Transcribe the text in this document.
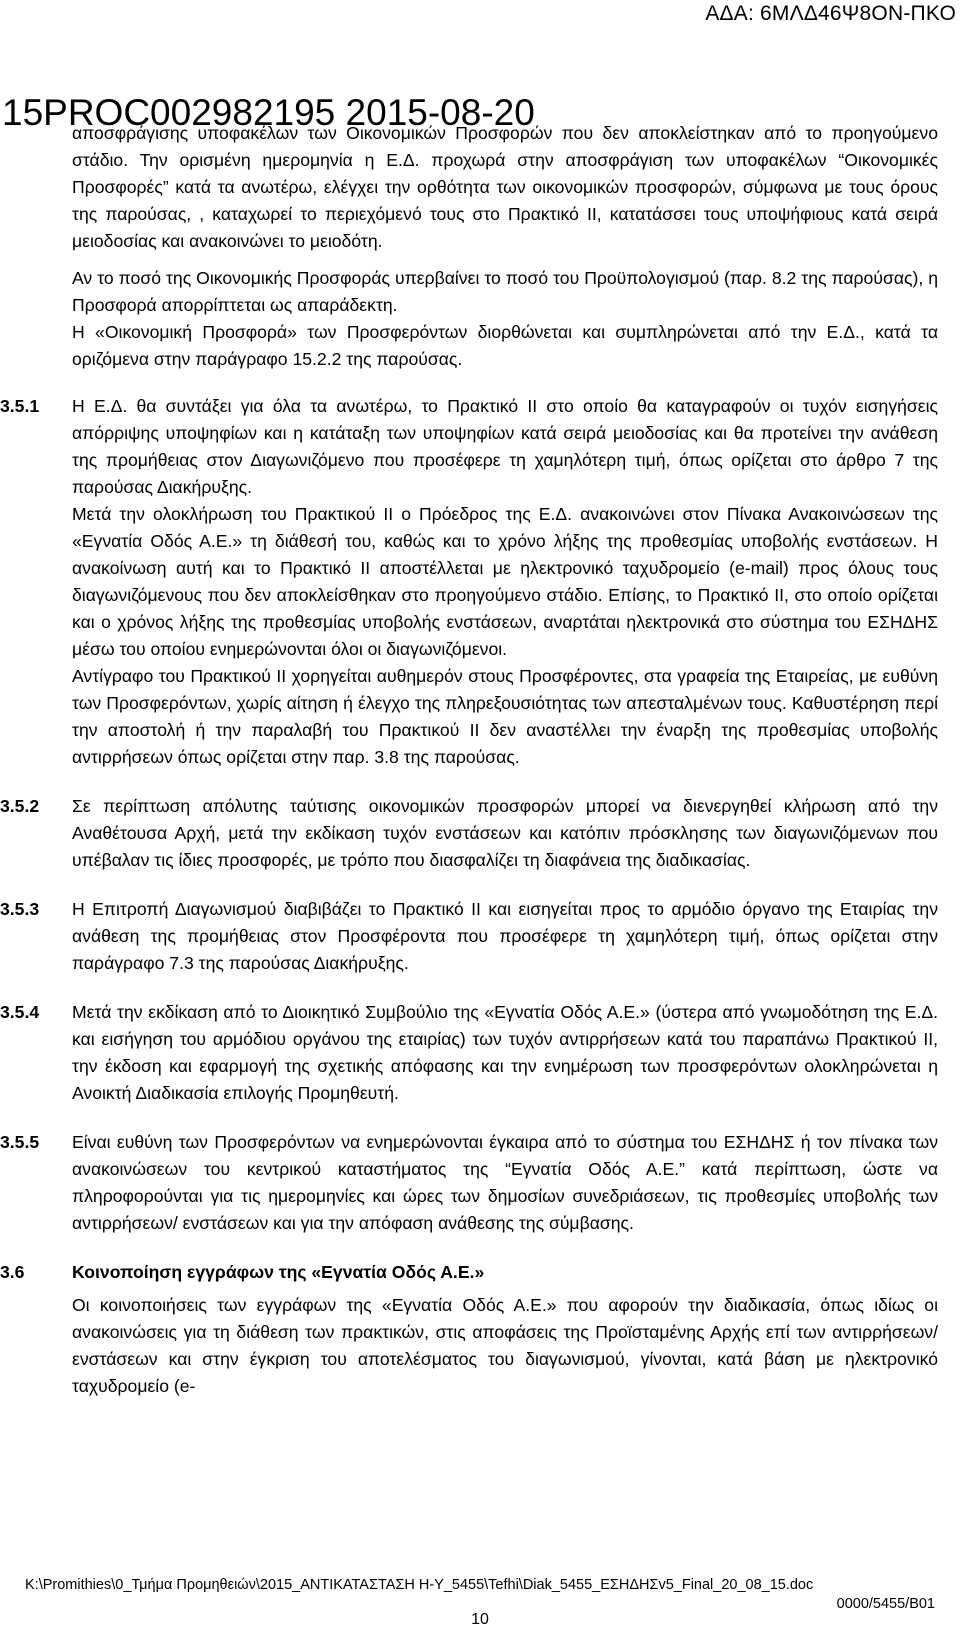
ΑΔΑ: 6ΜΛΔ46Ψ8ΟΝ-ΠΚΟ
15PROC002982195 2015-08-20

αποσφράγισης υποφακέλων των Οικονομικών Προσφορών που δεν αποκλείστηκαν από το προηγούμενο στάδιο. Την ορισμένη ημερομηνία η Ε.Δ. προχωρά στην αποσφράγιση των υποφακέλων “Οικονομικές Προσφορές” κατά τα ανωτέρω, ελέγχει την ορθότητα των οικονομικών προσφορών, σύμφωνα με τους όρους της παρούσας, , καταχωρεί το περιεχόμενό τους στο Πρακτικό ΙΙ, κατατάσσει τους υποψήφιους κατά σειρά μειοδοσίας και ανακοινώνει το μειοδότη.

Αν το ποσό της Οικονομικής Προσφοράς υπερβαίνει το ποσό του Προϋπολογισμού (παρ. 8.2 της παρούσας), η Προσφορά απορρίπτεται ως απαράδεκτη.

Η «Οικονομική Προσφορά» των Προσφερόντων διορθώνεται και συμπληρώνεται από την Ε.Δ., κατά τα οριζόμενα στην παράγραφο 15.2.2 της παρούσας.

3.5.1	Η Ε.Δ. θα συντάξει για όλα τα ανωτέρω, το Πρακτικό ΙΙ στο οποίο θα καταγραφούν οι τυχόν εισηγήσεις απόρριψης υποψηφίων και η κατάταξη των υποψηφίων κατά σειρά μειοδοσίας και θα προτείνει την ανάθεση της προμήθειας στον Διαγωνιζόμενο που προσέφερε τη χαμηλότερη τιμή, όπως ορίζεται στο άρθρο 7 της παρούσας Διακήρυξης.

Μετά την ολοκλήρωση του Πρακτικού ΙΙ ο Πρόεδρος της Ε.Δ. ανακοινώνει στον Πίνακα Ανακοινώσεων της «Εγνατία Οδός Α.Ε.» τη διάθεσή του, καθώς και το χρόνο λήξης της προθεσμίας υποβολής ενστάσεων. Η ανακοίνωση αυτή και το Πρακτικό ΙΙ αποστέλλεται με ηλεκτρονικό ταχυδρομείο (e-mail) προς όλους τους διαγωνιζόμενους που δεν αποκλείσθηκαν στο προηγούμενο στάδιο. Επίσης, το Πρακτικό ΙΙ, στο οποίο ορίζεται και ο χρόνος λήξης της προθεσμίας υποβολής ενστάσεων, αναρτάται ηλεκτρονικά στο σύστημα του ΕΣΗΔΗΣ μέσω του οποίου ενημερώνονται όλοι οι διαγωνιζόμενοι.

Αντίγραφο του Πρακτικού ΙΙ χορηγείται αυθημερόν στους Προσφέροντες, στα γραφεία της Εταιρείας, με ευθύνη των Προσφερόντων, χωρίς αίτηση ή έλεγχο της πληρεξουσιότητας των απεσταλμένων τους. Καθυστέρηση περί την αποστολή ή την παραλαβή του Πρακτικού ΙΙ δεν αναστέλλει την έναρξη της προθεσμίας υποβολής αντιρρήσεων όπως ορίζεται στην παρ. 3.8 της παρούσας.

3.5.2	Σε περίπτωση απόλυτης ταύτισης οικονομικών προσφορών μπορεί να διενεργηθεί κλήρωση από την Αναθέτουσα Αρχή, μετά την εκδίκαση τυχόν ενστάσεων και κατόπιν πρόσκλησης των διαγωνιζόμενων που υπέβαλαν τις ίδιες προσφορές, με τρόπο που διασφαλίζει τη διαφάνεια της διαδικασίας.

3.5.3	Η Επιτροπή Διαγωνισμού διαβιβάζει το Πρακτικό ΙΙ και εισηγείται προς το αρμόδιο όργανο της Εταιρίας την ανάθεση της προμήθειας στον Προσφέροντα που προσέφερε τη χαμηλότερη τιμή, όπως ορίζεται στην παράγραφο 7.3 της παρούσας Διακήρυξης.

3.5.4	Μετά την εκδίκαση από το Διοικητικό Συμβούλιο της «Εγνατία Οδός Α.Ε.» (ύστερα από γνωμοδότηση της Ε.Δ. και εισήγηση του αρμόδιου οργάνου της εταιρίας) των τυχόν αντιρρήσεων κατά του παραπάνω Πρακτικού ΙΙ, την έκδοση και εφαρμογή της σχετικής απόφασης και την ενημέρωση των προσφερόντων ολοκληρώνεται η Ανοικτή Διαδικασία επιλογής Προμηθευτή.

3.5.5	Είναι ευθύνη των Προσφερόντων να ενημερώνονται έγκαιρα από το σύστημα του ΕΣΗΔΗΣ ή τον πίνακα των ανακοινώσεων του κεντρικού καταστήματος της “Εγνατία Οδός Α.Ε.” κατά περίπτωση, ώστε να πληροφορούνται για τις ημερομηνίες και ώρες των δημοσίων συνεδριάσεων, τις προθεσμίες υποβολής των αντιρρήσεων/ ενστάσεων και για την απόφαση ανάθεσης της σύμβασης.

3.6	Κοινοποίηση εγγράφων της «Εγνατία Οδός Α.Ε.»

Οι κοινοποιήσεις των εγγράφων της «Εγνατία Οδός Α.Ε.» που αφορούν την διαδικασία, όπως ιδίως οι ανακοινώσεις για τη διάθεση των πρακτικών, στις αποφάσεις της Προϊσταμένης Αρχής επί των αντιρρήσεων/ενστάσεων και στην έγκριση του αποτελέσματος του διαγωνισμού, γίνονται, κατά βάση με ηλεκτρονικό ταχυδρομείο (e-

K:\Promithies\0_Τμήμα Προμηθειών\2015_ΑΝΤΙΚΑΤΑΣΤΑΣΗ Η-Υ_5455\Tefhi\Diak_5455_ΕΣΗΔΗΣv5_Final_20_08_15.doc
0000/5455/Β01
10
